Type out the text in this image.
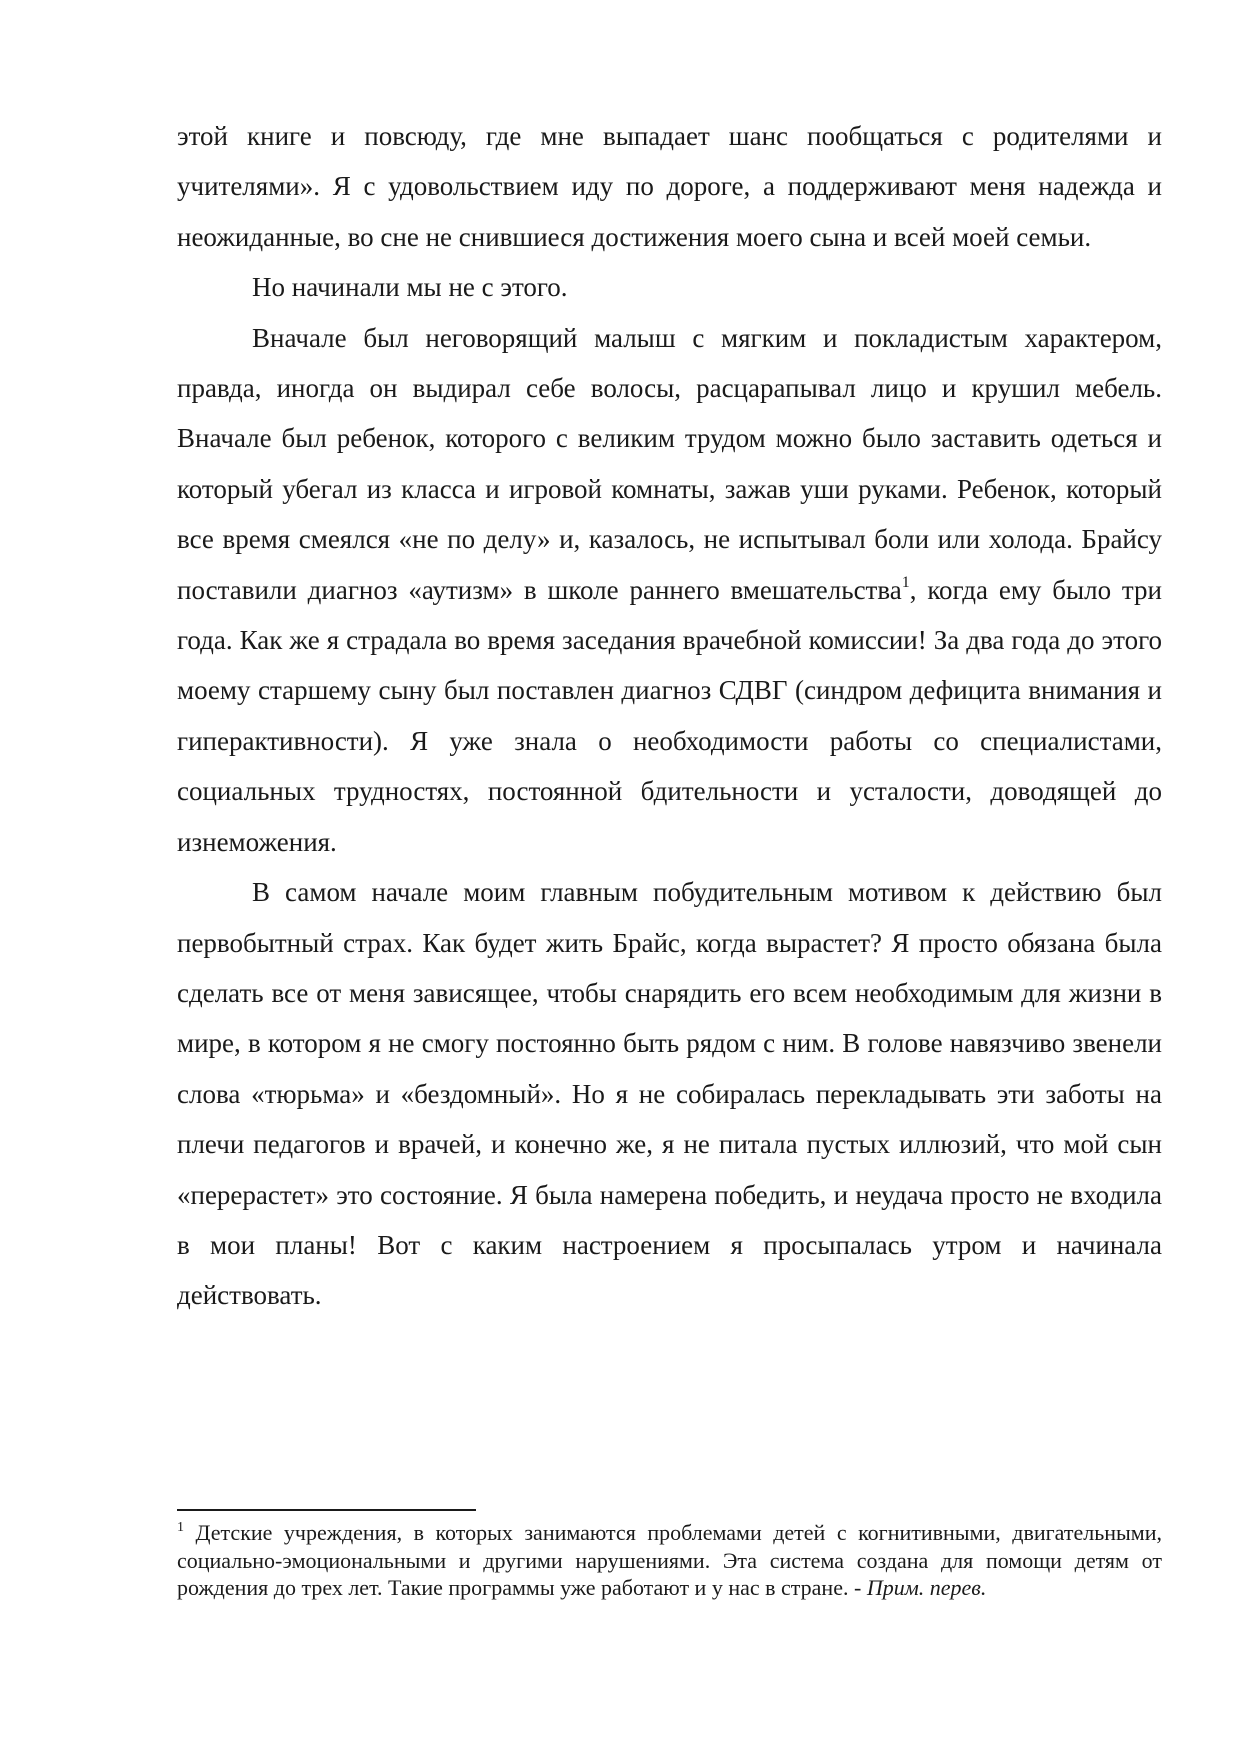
этой книге и повсюду, где мне выпадает шанс пообщаться с родителями и учителями». Я с удовольствием иду по дороге, а поддерживают меня надежда и неожиданные, во сне не снившиеся достижения моего сына и всей моей семьи.

Но начинали мы не с этого.

Вначале был неговорящий малыш с мягким и покладистым характером, правда, иногда он выдирал себе волосы, расцарапывал лицо и крушил мебель. Вначале был ребенок, которого с великим трудом можно было заставить одеться и который убегал из класса и игровой комнаты, зажав уши руками. Ребенок, который все время смеялся «не по делу» и, казалось, не испытывал боли или холода. Брайсу поставили диагноз «аутизм» в школе раннего вмешательства$^1$, когда ему было три года. Как же я страдала во время заседания врачебной комиссии! За два года до этого моему старшему сыну был поставлен диагноз СДВГ (синдром дефицита внимания и гиперактивности). Я уже знала о необходимости работы со специалистами, социальных трудностях, постоянной бдительности и усталости, доводящей до изнеможения.

В самом начале моим главным побудительным мотивом к действию был первобытный страх. Как будет жить Брайс, когда вырастет? Я просто обязана была сделать все от меня зависящее, чтобы снарядить его всем необходимым для жизни в мире, в котором я не смогу постоянно быть рядом с ним. В голове навязчиво звенели слова «тюрьма» и «бездомный». Но я не собиралась перекладывать эти заботы на плечи педагогов и врачей, и конечно же, я не питала пустых иллюзий, что мой сын «перерастет» это состояние. Я была намерена победить, и неудача просто не входила в мои планы! Вот с каким настроением я просыпалась утром и начинала действовать.

$^1$ Детские учреждения, в которых занимаются проблемами детей с когнитивными, двигательными, социально-эмоциональными и другими нарушениями. Эта система создана для помощи детям от рождения до трех лет. Такие программы уже работают и у нас в стране. - Прим. перев.
